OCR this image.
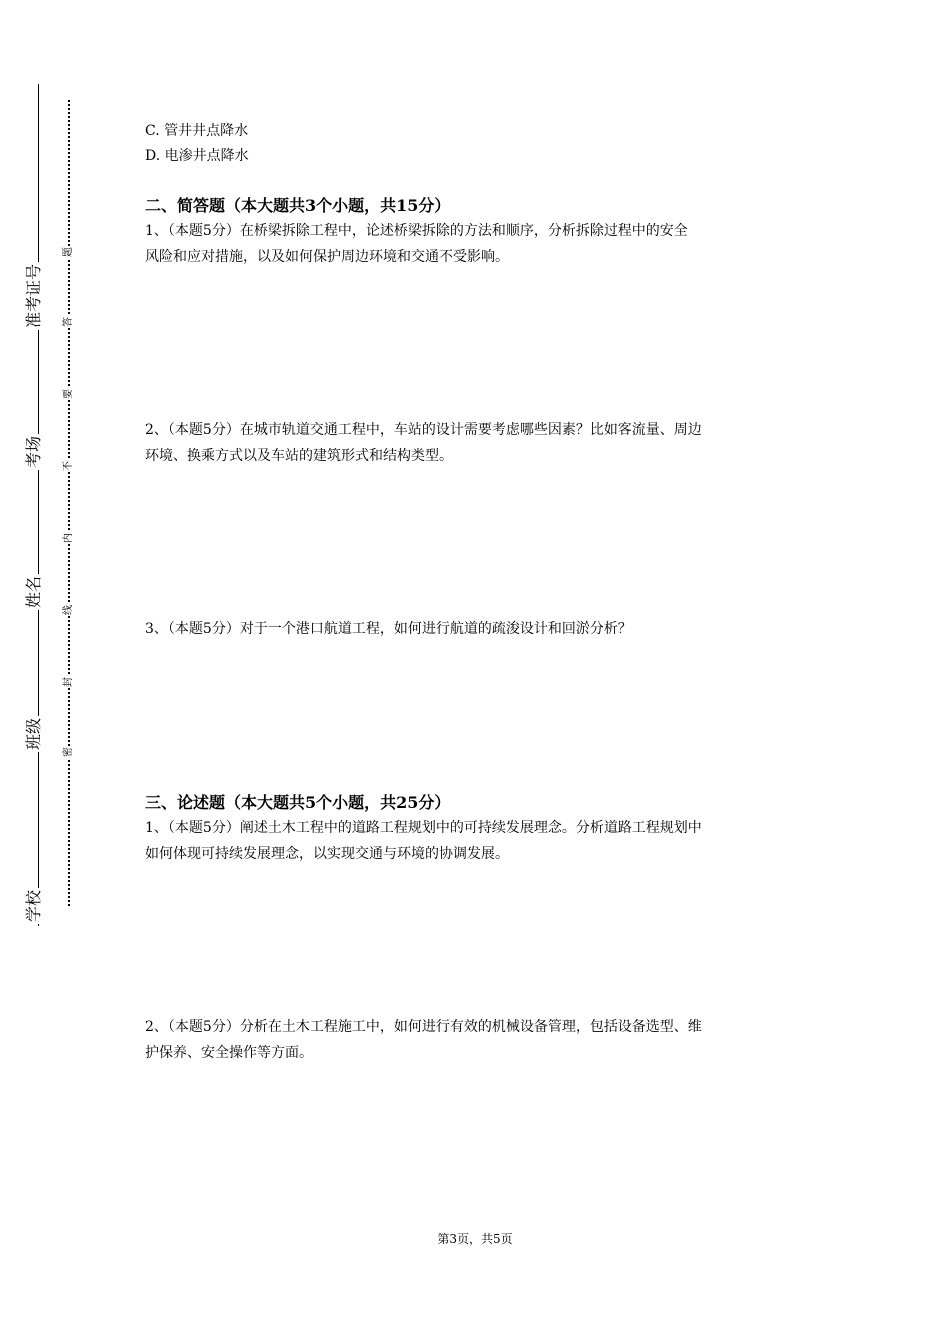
准考证号
考场
姓名
班级
学校
题
答
要
不
内
线
封
密
C. 管井井点降水
D. 电渗井点降水
二、简答题（本大题共3个小题，共15分）
1、（本题5分）在桥梁拆除工程中，论述桥梁拆除的方法和顺序，分析拆除过程中的安全
风险和应对措施，以及如何保护周边环境和交通不受影响。
2、（本题5分）在城市轨道交通工程中，车站的设计需要考虑哪些因素？比如客流量、周边
环境、换乘方式以及车站的建筑形式和结构类型。
3、（本题5分）对于一个港口航道工程，如何进行航道的疏浚设计和回淤分析？
三、论述题（本大题共5个小题，共25分）
1、（本题5分）阐述土木工程中的道路工程规划中的可持续发展理念。分析道路工程规划中
如何体现可持续发展理念，以实现交通与环境的协调发展。
2、（本题5分）分析在土木工程施工中，如何进行有效的机械设备管理，包括设备选型、维
护保养、安全操作等方面。
第3页，共5页
